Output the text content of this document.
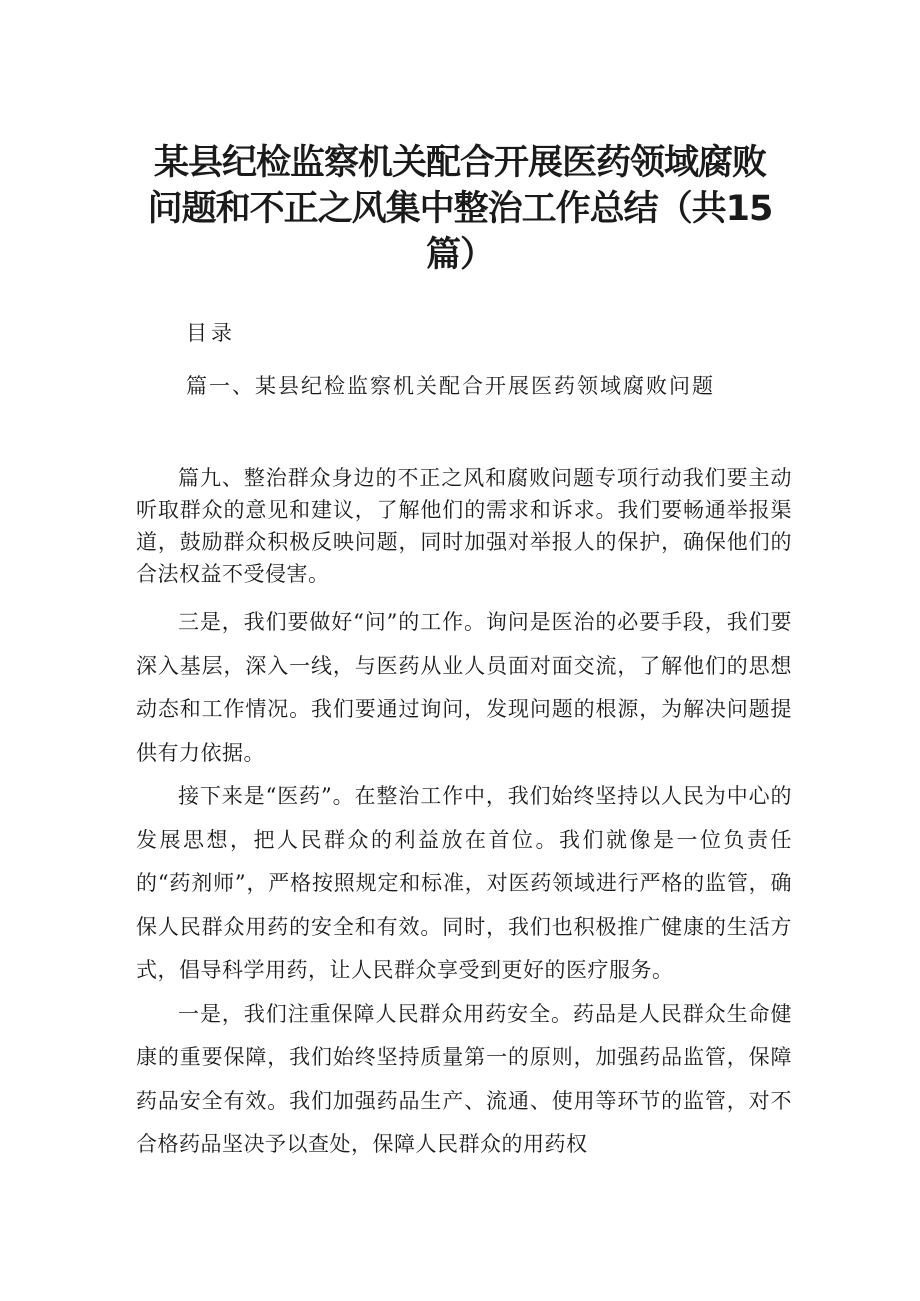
某县纪检监察机关配合开展医药领域腐败
问题和不正之风集中整治工作总结（共15
篇）
目录
篇一、某县纪检监察机关配合开展医药领域腐败问题

篇九、整治群众身边的不正之风和腐败问题专项行动我们要主动听取群众的意见和建议，了解他们的需求和诉求。我们要畅通举报渠道，鼓励群众积极反映问题，同时加强对举报人的保护，确保他们的合法权益不受侵害。

三是，我们要做好“问”的工作。询问是医治的必要手段，我们要深入基层，深入一线，与医药从业人员面对面交流，了解他们的思想动态和工作情况。我们要通过询问，发现问题的根源，为解决问题提供有力依据。

接下来是“医药”。在整治工作中，我们始终坚持以人民为中心的发展思想，把人民群众的利益放在首位。我们就像是一位负责任的“药剂师”，严格按照规定和标准，对医药领域进行严格的监管，确保人民群众用药的安全和有效。同时，我们也积极推广健康的生活方式，倡导科学用药，让人民群众享受到更好的医疗服务。

一是，我们注重保障人民群众用药安全。药品是人民群众生命健康的重要保障，我们始终坚持质量第一的原则，加强药品监管，保障药品安全有效。我们加强药品生产、流通、使用等环节的监管，对不合格药品坚决予以查处，保障人民群众的用药权
